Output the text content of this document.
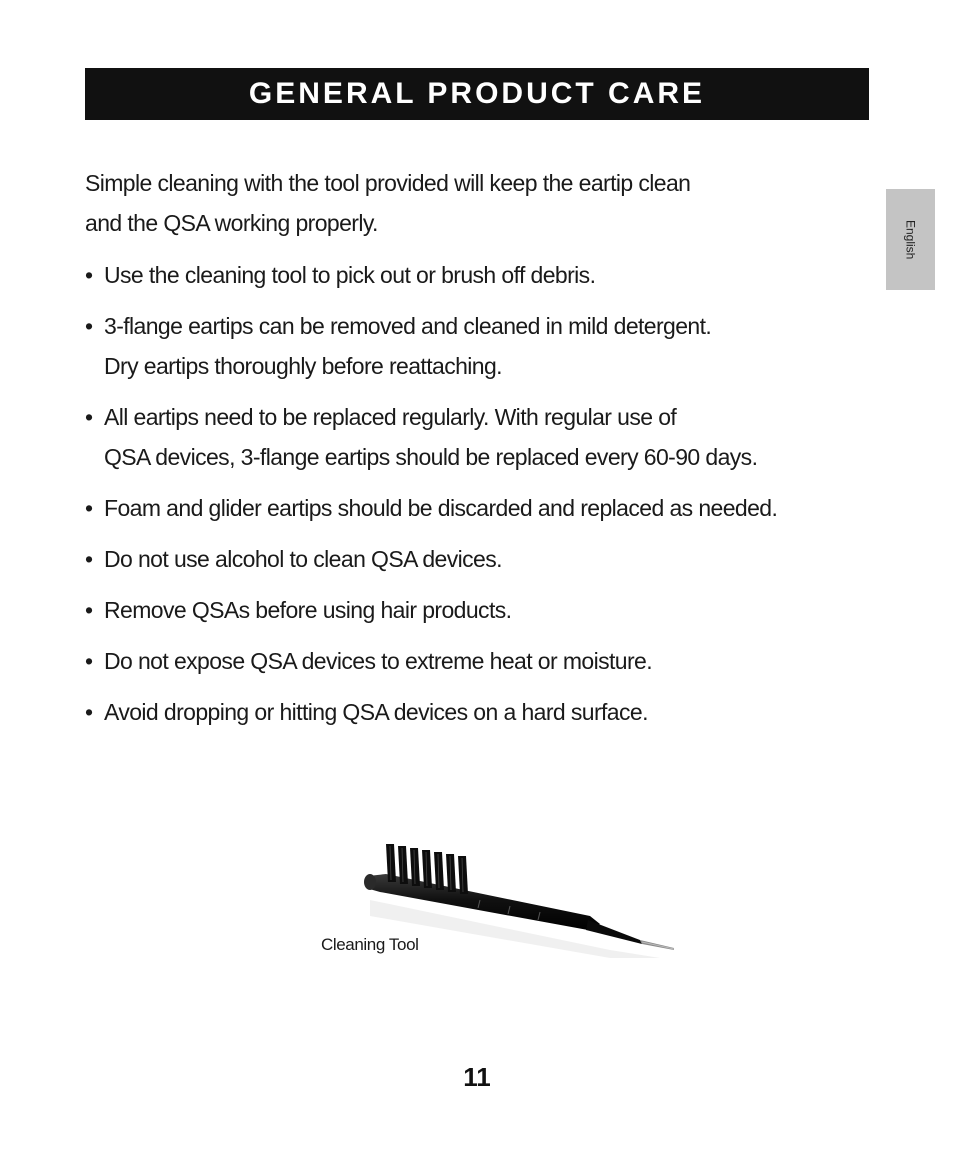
GENERAL PRODUCT CARE
English

Simple cleaning with the tool provided will keep the eartip clean
and the QSA working properly.

• Use the cleaning tool to pick out or brush off debris.
• 3-flange eartips can be removed and cleaned in mild detergent.
Dry eartips thoroughly before reattaching.
• All eartips need to be replaced regularly. With regular use of
QSA devices, 3-flange eartips should be replaced every 60-90 days.
• Foam and glider eartips should be discarded and replaced as needed.
• Do not use alcohol to clean QSA devices.
• Remove QSAs before using hair products.
• Do not expose QSA devices to extreme heat or moisture.
• Avoid dropping or hitting QSA devices on a hard surface.
Cleaning Tool
11
